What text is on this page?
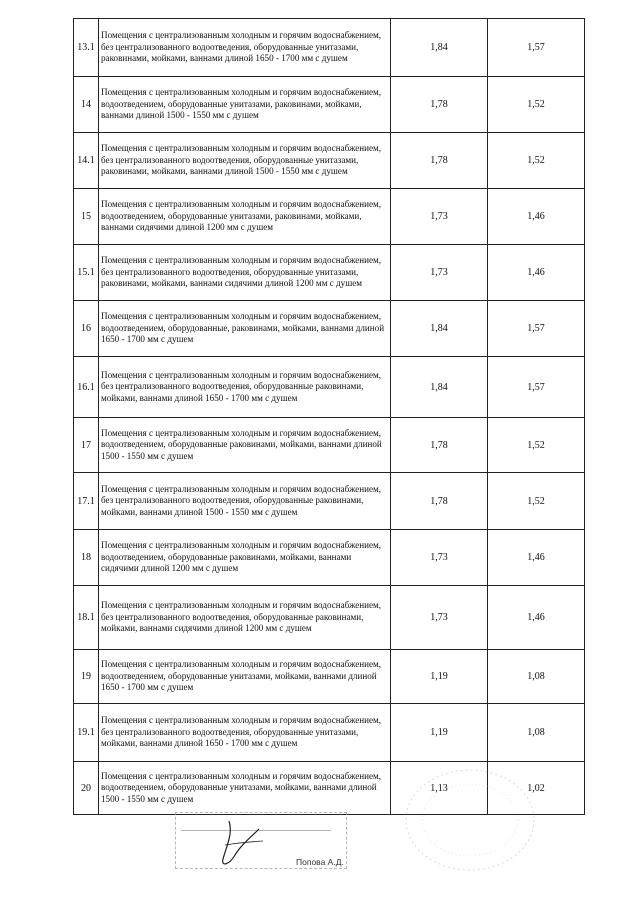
13.1	Помещения с централизованным холодным и горячим водоснабжением, без централизованного водоотведения, оборудованные унитазами, раковинами, мойками, ваннами длиной 1650 - 1700 мм с душем	1,84	1,57
14	Помещения с централизованным холодным и горячим водоснабжением, водоотведением, оборудованные унитазами, раковинами, мойками, ваннами длиной 1500 - 1550 мм с душем	1,78	1,52
14.1	Помещения с централизованным холодным и горячим водоснабжением, без централизованного водоотведения, оборудованные унитазами, раковинами, мойками, ваннами длиной 1500 - 1550 мм с душем	1,78	1,52
15	Помещения с централизованным холодным и горячим водоснабжением, водоотведением, оборудованные унитазами, раковинами, мойками, ваннами сидячими длиной 1200 мм с душем	1,73	1,46
15.1	Помещения с централизованным холодным и горячим водоснабжением, без централизованного водоотведения, оборудованные унитазами, раковинами, мойками, ваннами сидячими длиной 1200 мм с душем	1,73	1,46
16	Помещения с централизованным холодным и горячим водоснабжением, водоотведением, оборудованные, раковинами, мойками, ваннами длиной 1650 - 1700 мм с душем	1,84	1,57
16.1	Помещения с централизованным холодным и горячим водоснабжением, без централизованного водоотведения, оборудованные раковинами, мойками, ваннами длиной 1650 - 1700 мм с душем	1,84	1,57
17	Помещения с централизованным холодным и горячим водоснабжением, водоотведением, оборудованные раковинами, мойками, ваннами длиной 1500 - 1550 мм с душем	1,78	1,52
17.1	Помещения с централизованным холодным и горячим водоснабжением, без централизованного водоотведения, оборудованные раковинами, мойками, ваннами длиной 1500 - 1550 мм с душем	1,78	1,52
18	Помещения с централизованным холодным и горячим водоснабжением, водоотведением, оборудованные раковинами, мойками, ваннами сидячими длиной 1200 мм с душем	1,73	1,46
18.1	Помещения с централизованным холодным и горячим водоснабжением, без централизованного водоотведения, оборудованные раковинами, мойками, ваннами сидячими длиной 1200 мм с душем	1,73	1,46
19	Помещения с централизованным холодным и горячим водоснабжением, водоотведением, оборудованные унитазами, мойками, ваннами длиной 1650 - 1700 мм с душем	1,19	1,08
19.1	Помещения с централизованным холодным и горячим водоснабжением, без централизованного водоотведения, оборудованные унитазами, мойками, ваннами длиной 1650 - 1700 мм с душем	1,19	1,08
20	Помещения с централизованным холодным и горячим водоснабжением, водоотведением, оборудованные унитазами, мойками, ваннами длиной 1500 - 1550 мм с душем	1,13	1,02
Попова А.Д.
